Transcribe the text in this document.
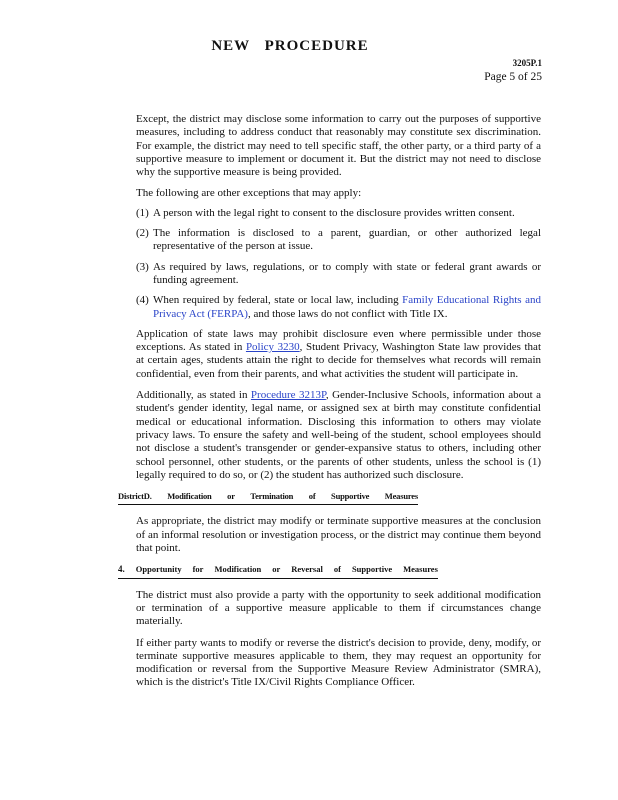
NEW PROCEDURE
3205P.1
Page 5 of 25

Except, the district may disclose some information to carry out the purposes of supportive measures, including to address conduct that reasonably may constitute sex discrimination. For example, the district may need to tell specific staff, the other party, or a third party of a supportive measure to implement or document it. But the district may not need to disclose why the supportive measure is being provided.

The following are other exceptions that may apply:

(1) A person with the legal right to consent to the disclosure provides written consent.
(2) The information is disclosed to a parent, guardian, or other authorized legal representative of the person at issue.
(3) As required by laws, regulations, or to comply with state or federal grant awards or funding agreement.
(4) When required by federal, state or local law, including Family Educational Rights and Privacy Act (FERPA), and those laws do not conflict with Title IX.

Application of state laws may prohibit disclosure even where permissible under those exceptions. As stated in Policy 3230, Student Privacy, Washington State law provides that at certain ages, students attain the right to decide for themselves what records will remain confidential, even from their parents, and what activities the student will participate in.

Additionally, as stated in Procedure 3213P, Gender-Inclusive Schools, information about a student's gender identity, legal name, or assigned sex at birth may constitute confidential medical or educational information. Disclosing this information to others may violate privacy laws. To ensure the safety and well-being of the student, school employees should not disclose a student's transgender or gender-expansive status to others, including other school personnel, other students, or the parents of other students, unless the school is (1) legally required to do so, or (2) the student has authorized such disclosure.

DistrictD. Modification or Termination of Supportive Measures

As appropriate, the district may modify or terminate supportive measures at the conclusion of an informal resolution or investigation process, or the district may continue them beyond that point.

4. Opportunity for Modification or Reversal of Supportive Measures

The district must also provide a party with the opportunity to seek additional modification or termination of a supportive measure applicable to them if circumstances change materially.

If either party wants to modify or reverse the district's decision to provide, deny, modify, or terminate supportive measures applicable to them, they may request an opportunity for modification or reversal from the Supportive Measure Review Administrator (SMRA), which is the district's Title IX/Civil Rights Compliance Officer.
